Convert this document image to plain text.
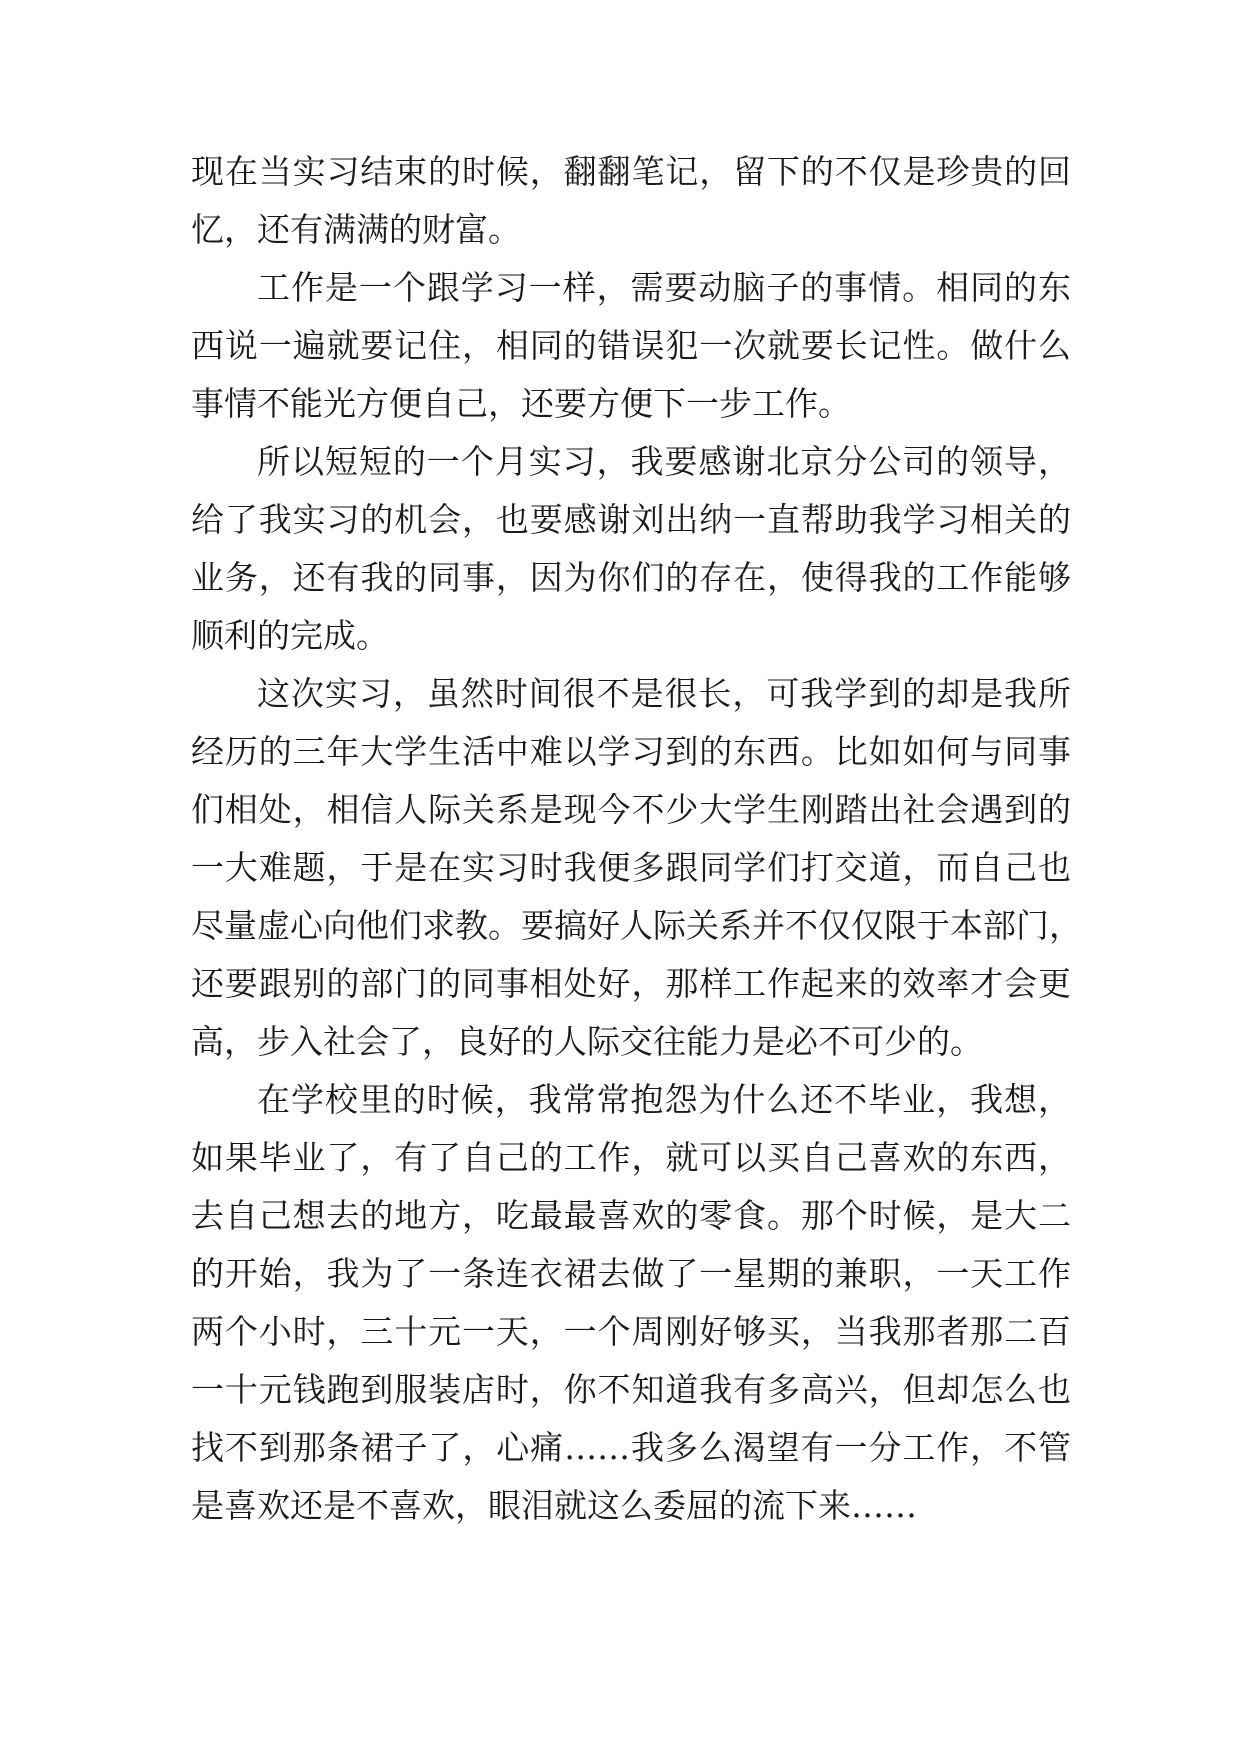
现在当实习结束的时候，翻翻笔记，留下的不仅是珍贵的回

忆，还有满满的财富。

工作是一个跟学习一样，需要动脑子的事情。相同的东

西说一遍就要记住，相同的错误犯一次就要长记性。做什么

事情不能光方便自己，还要方便下一步工作。

所以短短的一个月实习，我要感谢北京分公司的领导，

给了我实习的机会，也要感谢刘出纳一直帮助我学习相关的

业务，还有我的同事，因为你们的存在，使得我的工作能够

顺利的完成。

这次实习，虽然时间很不是很长，可我学到的却是我所

经历的三年大学生活中难以学习到的东西。比如如何与同事

们相处，相信人际关系是现今不少大学生刚踏出社会遇到的

一大难题，于是在实习时我便多跟同学们打交道，而自己也

尽量虚心向他们求教。要搞好人际关系并不仅仅限于本部门，

还要跟别的部门的同事相处好，那样工作起来的效率才会更

高，步入社会了，良好的人际交往能力是必不可少的。

在学校里的时候，我常常抱怨为什么还不毕业，我想，

如果毕业了，有了自己的工作，就可以买自己喜欢的东西，

去自己想去的地方，吃最最喜欢的零食。那个时候，是大二

的开始，我为了一条连衣裙去做了一星期的兼职，一天工作

两个小时，三十元一天，一个周刚好够买，当我那者那二百

一十元钱跑到服装店时，你不知道我有多高兴，但却怎么也

找不到那条裙子了，心痛……我多么渴望有一分工作，不管

是喜欢还是不喜欢，眼泪就这么委屈的流下来……
